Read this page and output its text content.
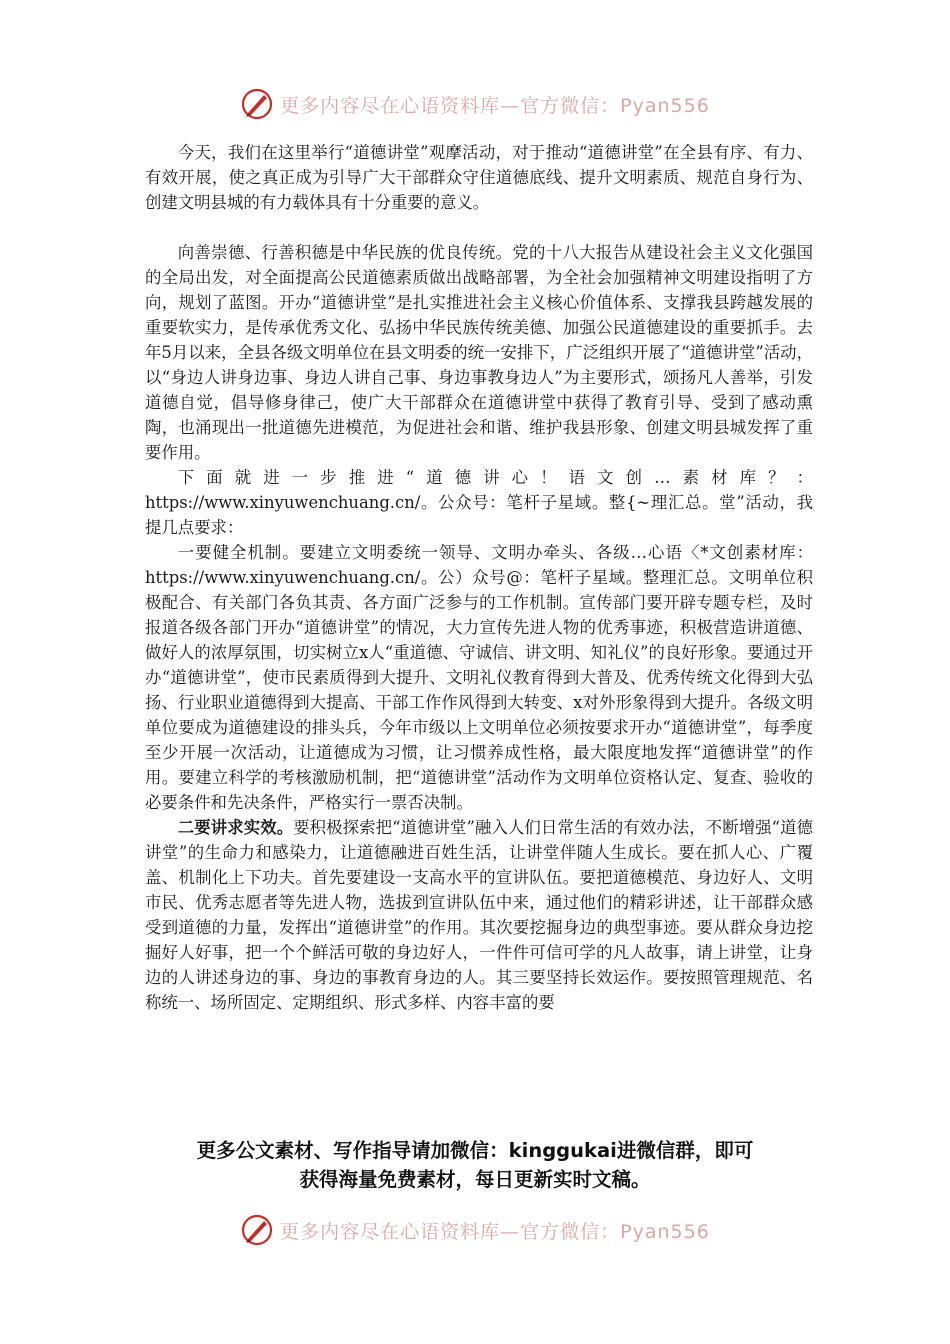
更多内容尽在心语资料库—官方微信：Pyan556

今天，我们在这里举行“道德讲堂”观摩活动，对于推动“道德讲堂”在全县有序、有力、有效开展，使之真正成为引导广大干部群众守住道德底线、提升文明素质、规范自身行为、创建文明县城的有力载体具有十分重要的意义。

向善崇德、行善积德是中华民族的优良传统。党的十八大报告从建设社会主义文化强国的全局出发，对全面提高公民道德素质做出战略部署，为全社会加强精神文明建设指明了方向，规划了蓝图。开办“道德讲堂”是扎实推进社会主义核心价值体系、支撑我县跨越发展的重要软实力，是传承优秀文化、弘扬中华民族传统美德、加强公民道德建设的重要抓手。去年5月以来，全县各级文明单位在县文明委的统一安排下，广泛组织开展了“道德讲堂”活动，以“身边人讲身边事、身边人讲自己事、身边事教身边人”为主要形式，颂扬凡人善举，引发道德自觉，倡导修身律己，使广大干部群众在道德讲堂中获得了教育引导、受到了感动熏陶，也涌现出一批道德先进模范，为促进社会和谐、维护我县形象、创建文明县城发挥了重要作用。

下面就进一步推进“道德讲心！语文创…素材库？：https://www.xinyuwenchuang.cn/。公众号：笔杆子星域。整{~理汇总。堂”活动，我提几点要求：

一要健全机制。要建立文明委统一领导、文明办牵头、各级…心语〈*文创素材库：https://www.xinyuwenchuang.cn/。公）众号@：笔杆子星域。整理汇总。文明单位积极配合、有关部门各负其责、各方面广泛参与的工作机制。宣传部门要开辟专题专栏，及时报道各级各部门开办“道德讲堂”的情况，大力宣传先进人物的优秀事迹，积极营造讲道德、做好人的浓厚氛围，切实树立x人“重道德、守诚信、讲文明、知礼仪”的良好形象。要通过开办“道德讲堂”，使市民素质得到大提升、文明礼仪教育得到大普及、优秀传统文化得到大弘扬、行业职业道德得到大提高、干部工作作风得到大转变、x对外形象得到大提升。各级文明单位要成为道德建设的排头兵，今年市级以上文明单位必须按要求开办“道德讲堂”，每季度至少开展一次活动，让道德成为习惯，让习惯养成性格，最大限度地发挥“道德讲堂”的作用。要建立科学的考核激励机制，把“道德讲堂”活动作为文明单位资格认定、复查、验收的必要条件和先决条件，严格实行一票否决制。

二要讲求实效。要积极探索把“道德讲堂”融入人们日常生活的有效办法，不断增强“道德讲堂”的生命力和感染力，让道德融进百姓生活，让讲堂伴随人生成长。要在抓人心、广覆盖、机制化上下功夫。首先要建设一支高水平的宣讲队伍。要把道德模范、身边好人、文明市民、优秀志愿者等先进人物，选拔到宣讲队伍中来，通过他们的精彩讲述，让干部群众感受到道德的力量，发挥出“道德讲堂”的作用。其次要挖掘身边的典型事迹。要从群众身边挖掘好人好事，把一个个鲜活可敬的身边好人，一件件可信可学的凡人故事，请上讲堂，让身边的人讲述身边的事、身边的事教育身边的人。其三要坚持长效运作。要按照管理规范、名称统一、场所固定、定期组织、形式多样、内容丰富的要

更多公文素材、写作指导请加微信：kinggukai进微信群，即可
获得海量免费素材，每日更新实时文稿。
更多内容尽在心语资料库—官方微信：Pyan556
